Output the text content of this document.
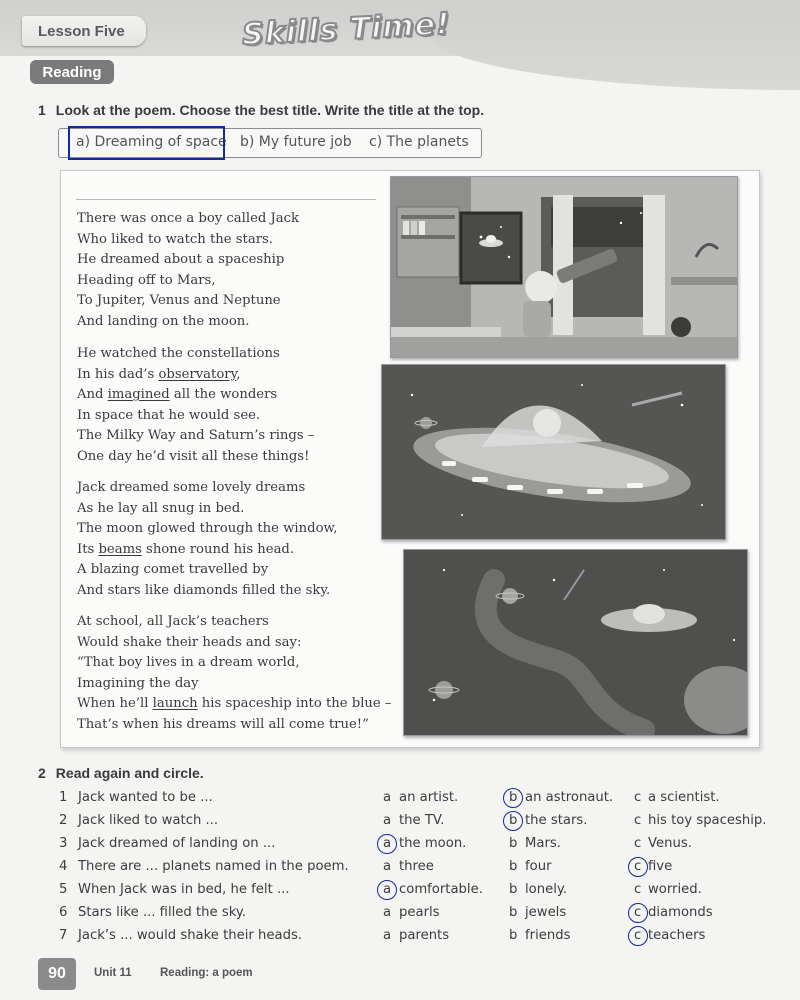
Lesson Five	Skills Time!
Reading
1 Look at the poem. Choose the best title. Write the title at the top.
a) Dreaming of space b) My future job c) The planets
There was once a boy called Jack
Who liked to watch the stars.
He dreamed about a spaceship
Heading off to Mars,
To Jupiter, Venus and Neptune
And landing on the moon.
He watched the constellations
In his dad’s observatory,
And imagined all the wonders
In space that he would see.
The Milky Way and Saturn’s rings –
One day he’d visit all these things!
Jack dreamed some lovely dreams
As he lay all snug in bed.
The moon glowed through the window,
Its beams shone round his head.
A blazing comet travelled by
And stars like diamonds filled the sky.
At school, all Jack’s teachers
Would shake their heads and say:
“That boy lives in a dream world,
Imagining the day
When he’ll launch his spaceship into the blue –
That’s when his dreams will all come true!”
2 Read again and circle.
1 Jack wanted to be ...	a an artist.	b an astronaut. c a scientist.
2 Jack liked to watch ...	a the TV.	b the stars.	c his toy spaceship.
3 Jack dreamed of landing on ...	a the moon.	b Mars.	c Venus.
4 There are ... planets named in the poem.	a three	b four	c five
5 When Jack was in bed, he felt ...	a comfortable. b lonely.	c worried.
6 Stars like ... filled the sky.	a pearls	b jewels	c diamonds
7 Jack’s ... would shake their heads.	a parents	b friends	c teachers
90	Unit 11 Reading: a poem
